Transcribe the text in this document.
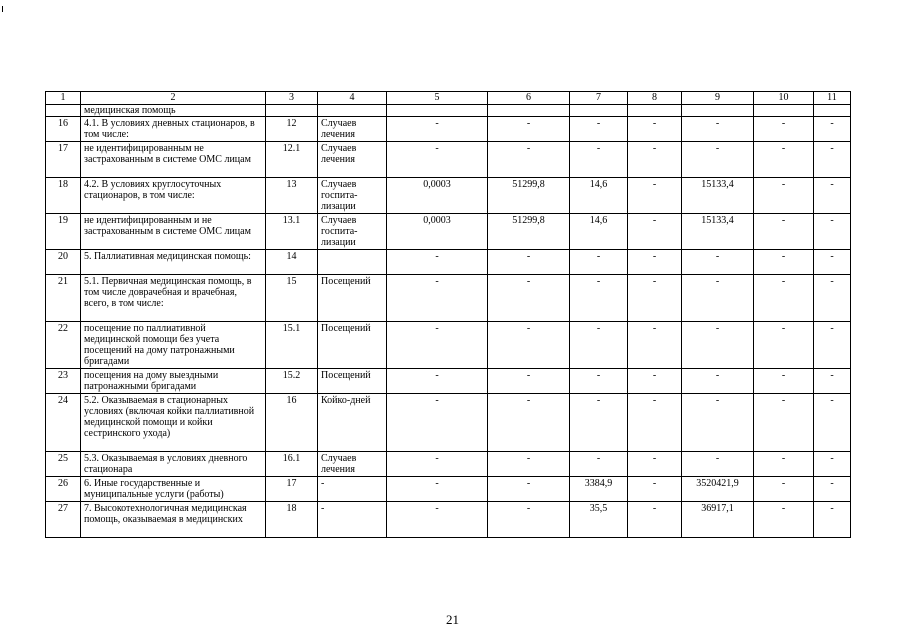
1	2	3	4	5	6	7	8	9	10	11
	медицинская помощь									
16	4.1. В условиях дневных стационаров, в том числе:	12	Случаев лечения	-	-	-	-	-	-	-
17	не идентифицированным не застрахованным в системе ОМС лицам	12.1	Случаев лечения	-	-	-	-	-	-	-
18	4.2. В условиях круглосуточных стационаров, в том числе:	13	Случаев госпита-лизации	0,0003	51299,8	14,6	-	15133,4	-	-
19	не идентифицированным и не застрахованным в системе ОМС лицам	13.1	Случаев госпита-лизации	0,0003	51299,8	14,6	-	15133,4	-	-
20	5. Паллиативная медицинская помощь:	14		-	-	-	-	-	-	-
21	5.1. Первичная медицинская помощь, в том числе доврачебная и врачебная, всего, в том числе:	15	Посещений	-	-	-	-	-	-	-
22	посещение по паллиативной медицинской помощи без учета посещений на дому патронажными бригадами	15.1	Посещений	-	-	-	-	-	-	-
23	посещения на дому выездными патронажными бригадами	15.2	Посещений	-	-	-	-	-	-	-
24	5.2. Оказываемая в стационарных условиях (включая койки паллиативной медицинской помощи и койки сестринского ухода)	16	Койко-дней	-	-	-	-	-	-	-
25	5.3. Оказываемая в условиях дневного стационара	16.1	Случаев лечения	-	-	-	-	-	-	-
26	6. Иные государственные и муниципальные услуги (работы)	17	-	-	-	3384,9	-	3520421,9	-	-
27	7. Высокотехнологичная медицинская помощь, оказываемая в медицинских	18	-	-	-	35,5	-	36917,1	-	-
21
